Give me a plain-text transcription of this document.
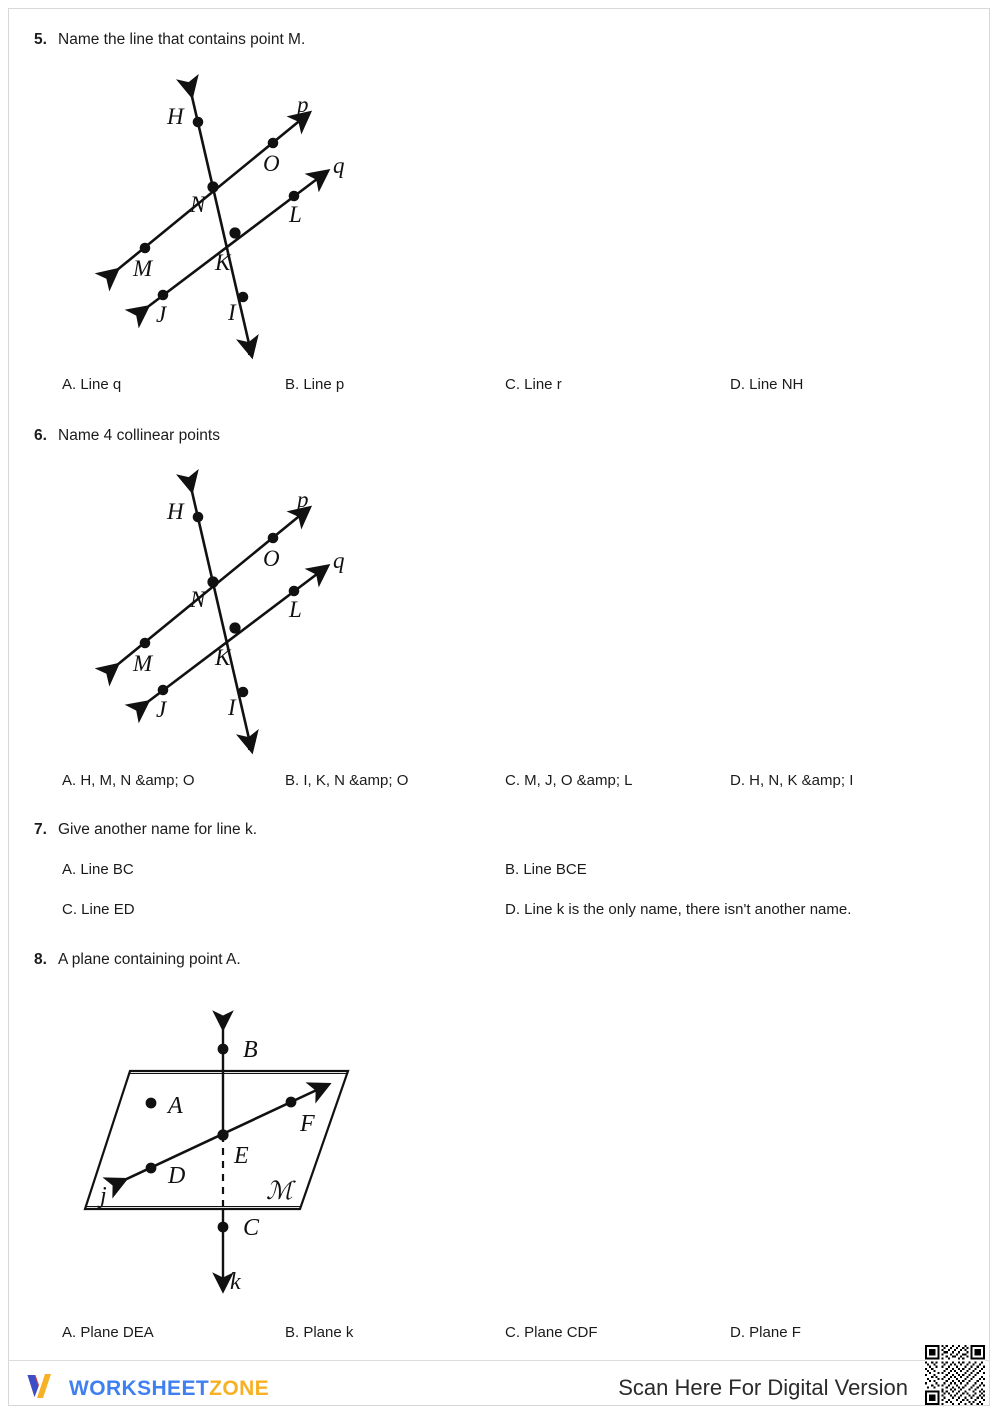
5. Name the line that contains point M.
H	p
O q
N	L
M	K
J	I
r
A. Line q	B. Line p	C. Line r	D. Line NH
6. Name 4 collinear points
H	p
O q
N	L
M	K
J	I
r
A. H, M, N &amp; O	B. I, K, N &amp; O	C. M, J, O &amp; L	D. H, N, K &amp; I
7. Give another name for line k.
A. Line BC	B. Line BCE
C. Line ED	D. Line k is the only name, there isn't another name.
8. A plane containing point A.
B
A
F
E
D
j	ℳ
C
k
A. Plane DEA	B. Plane k	C. Plane CDF	D. Plane F
WORKSHEETZONE	Scan Here For Digital Version
